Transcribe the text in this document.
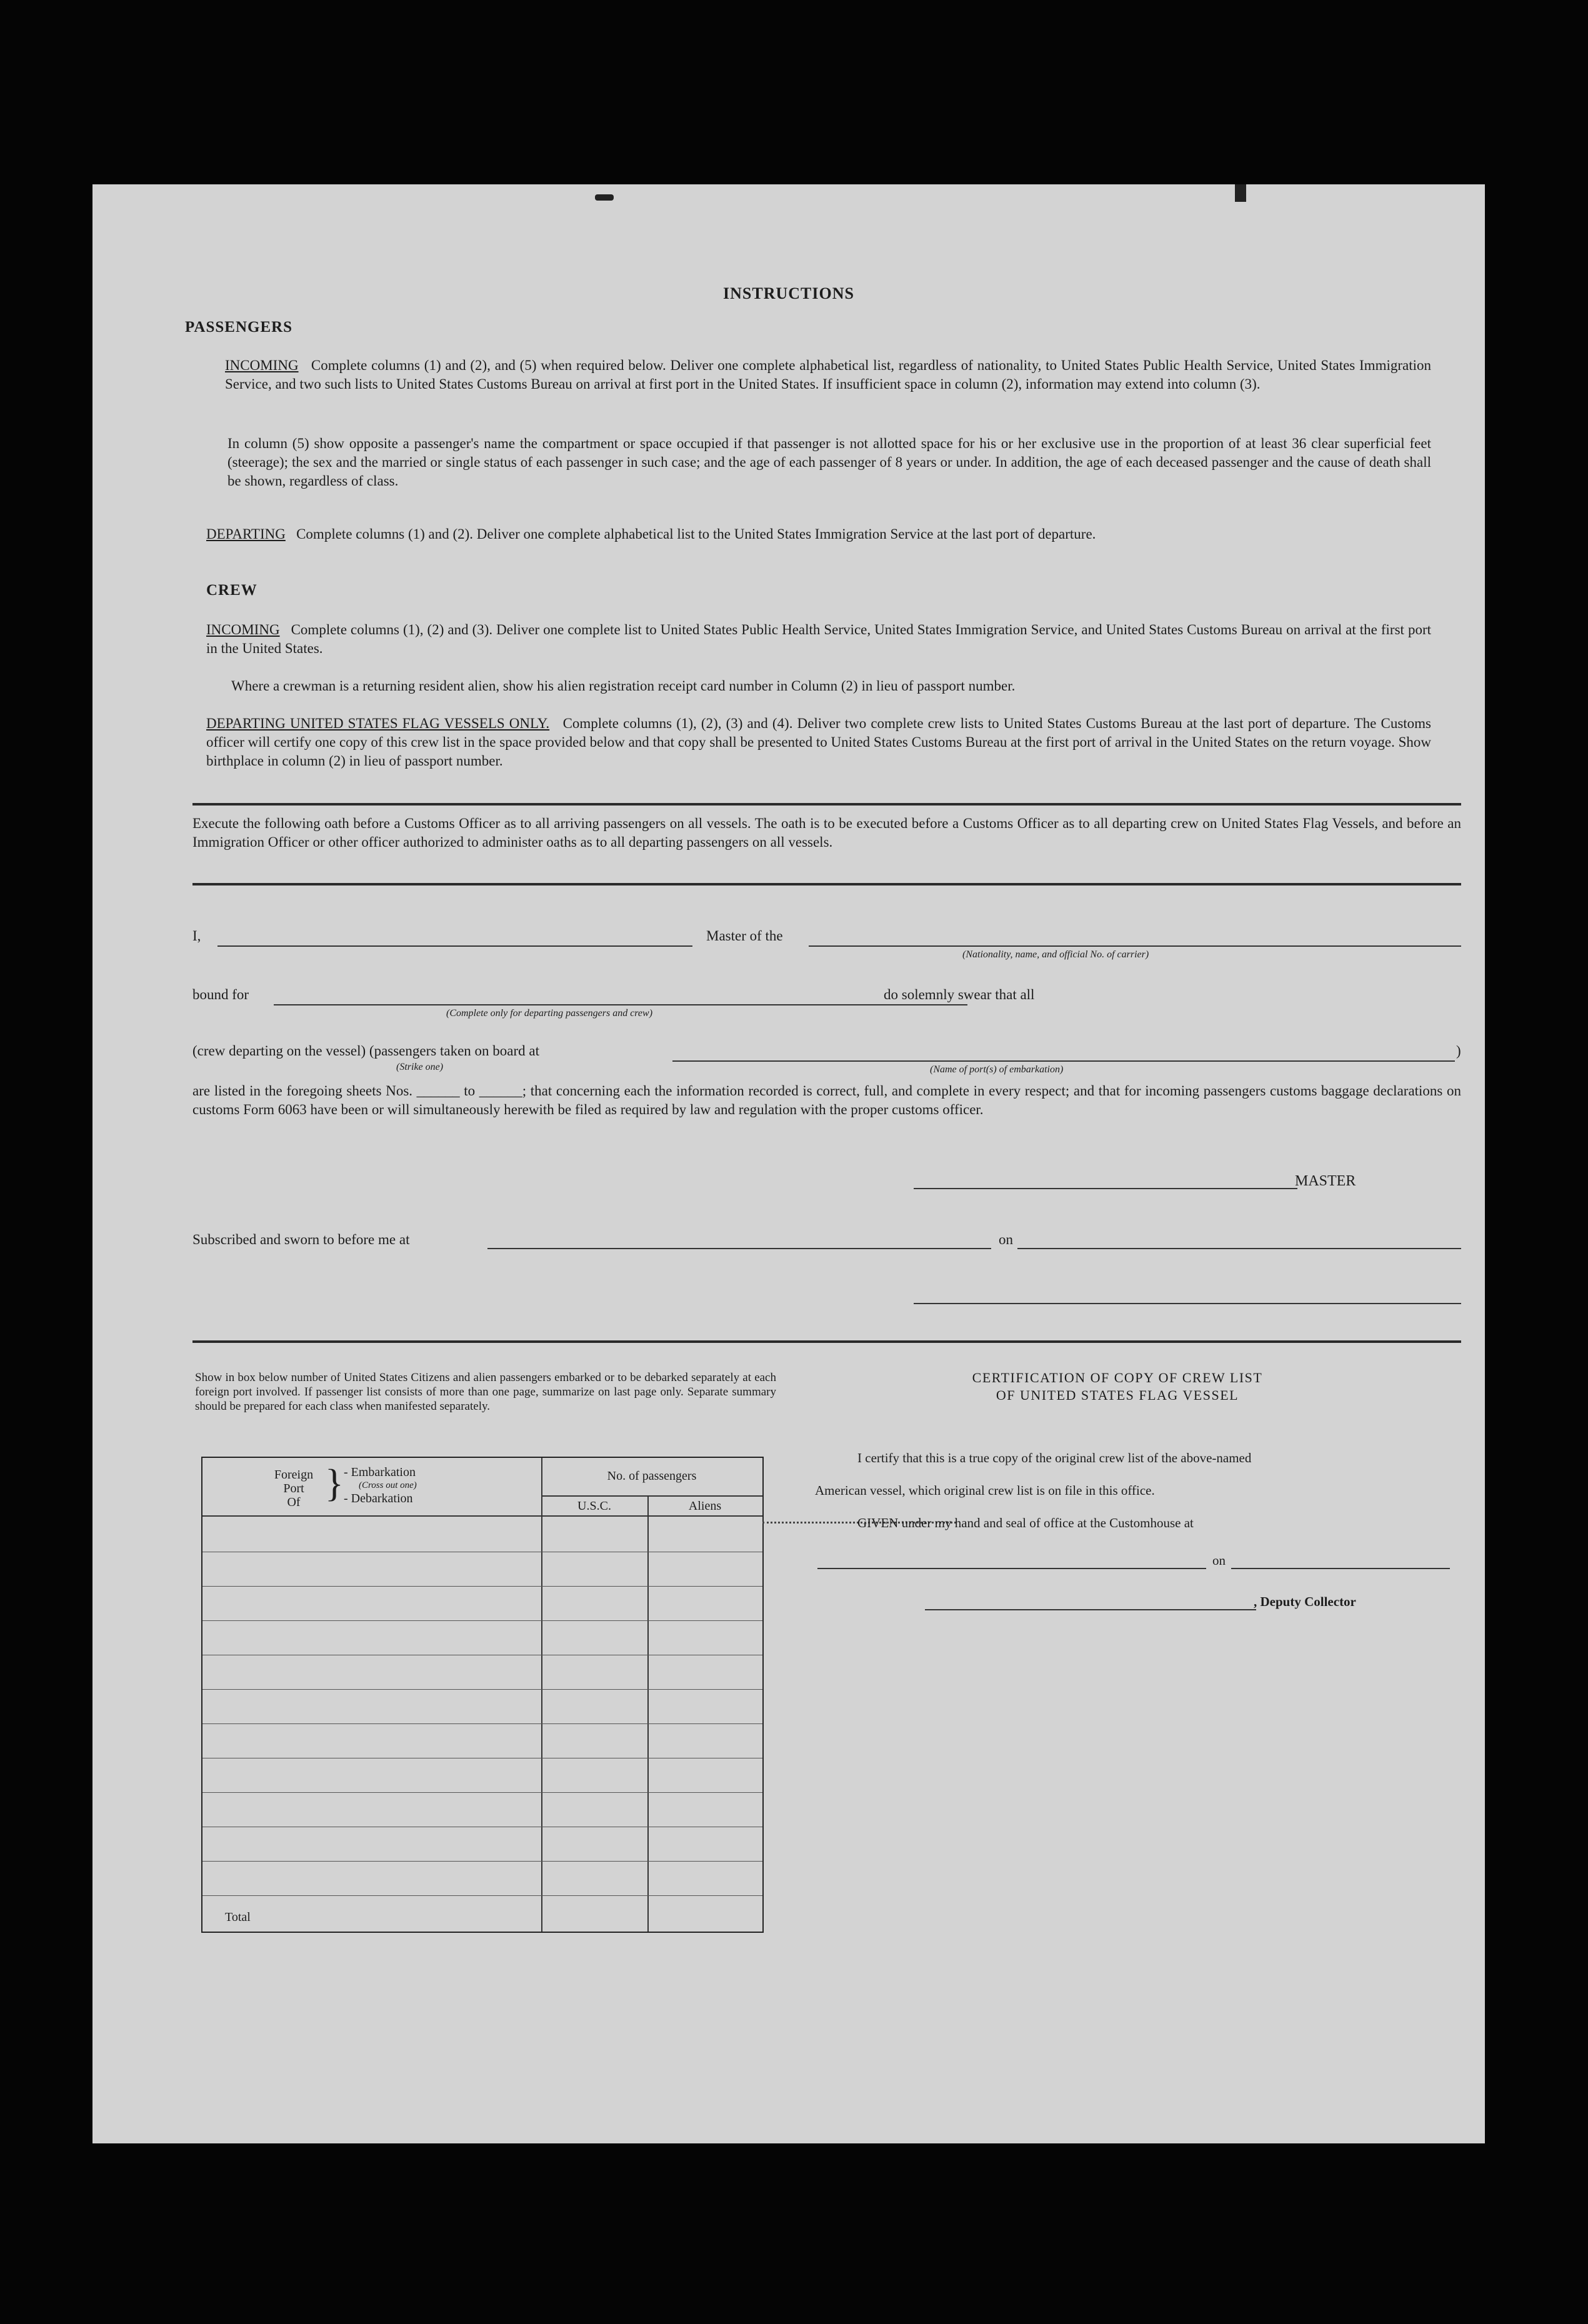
INSTRUCTIONS
PASSENGERS
INCOMING Complete columns (1) and (2), and (5) when required below. Deliver one complete alphabetical list, regardless of nationality, to United States Public Health Service, United States Immigration Service, and two such lists to United States Customs Bureau on arrival at first port in the United States. If insufficient space in column (2), information may extend into column (3).
In column (5) show opposite a passenger's name the compartment or space occupied if that passenger is not allotted space for his or her exclusive use in the proportion of at least 36 clear superficial feet (steerage); the sex and the married or single status of each passenger in such case; and the age of each passenger of 8 years or under. In addition, the age of each deceased passenger and the cause of death shall be shown, regardless of class.
DEPARTING Complete columns (1) and (2). Deliver one complete alphabetical list to the United States Immigration Service at the last port of departure.
CREW
INCOMING Complete columns (1), (2) and (3). Deliver one complete list to United States Public Health Service, United States Immigration Service, and United States Customs Bureau on arrival at the first port in the United States.
Where a crewman is a returning resident alien, show his alien registration receipt card number in Column (2) in lieu of passport number.
DEPARTING UNITED STATES FLAG VESSELS ONLY. Complete columns (1), (2), (3) and (4). Deliver two complete crew lists to United States Customs Bureau at the last port of departure. The Customs officer will certify one copy of this crew list in the space provided below and that copy shall be presented to United States Customs Bureau at the first port of arrival in the United States on the return voyage. Show birthplace in column (2) in lieu of passport number.
Execute the following oath before a Customs Officer as to all arriving passengers on all vessels. The oath is to be executed before a Customs Officer as to all departing crew on United States Flag Vessels, and before an Immigration Officer or other officer authorized to administer oaths as to all departing passengers on all vessels.
I,	Master of the
(Nationality, name, and official No. of carrier)
bound for
(Complete only for departing passengers and crew)
do solemnly swear that all
(crew departing on the vessel) (passengers taken on board at
(Strike one)
)
(Name of port(s) of embarkation)
are listed in the foregoing sheets Nos. ______ to ______; that concerning each the information recorded is correct, full, and complete in every respect; and that for incoming passengers customs baggage declarations on customs Form 6063 have been or will simultaneously herewith be filed as required by law and regulation with the proper customs officer.
MASTER
Subscribed and sworn to before me at	on
Show in box below number of United States Citizens and alien passengers embarked or to be debarked separately at each foreign port involved. If passenger list consists of more than one page, summarize on last page only. Separate summary should be prepared for each class when manifested separately.
Foreign
Port
Of } - Embarkation
(Cross out one)
- Debarkation
No. of passengers
U.S.C.	Aliens
Total
CERTIFICATION OF COPY OF CREW LIST
OF UNITED STATES FLAG VESSEL
I certify that this is a true copy of the original crew list of the above-named
American vessel, which original crew list is on file in this office.
GIVEN under my hand and seal of office at the Customhouse at
on
, Deputy Collector
